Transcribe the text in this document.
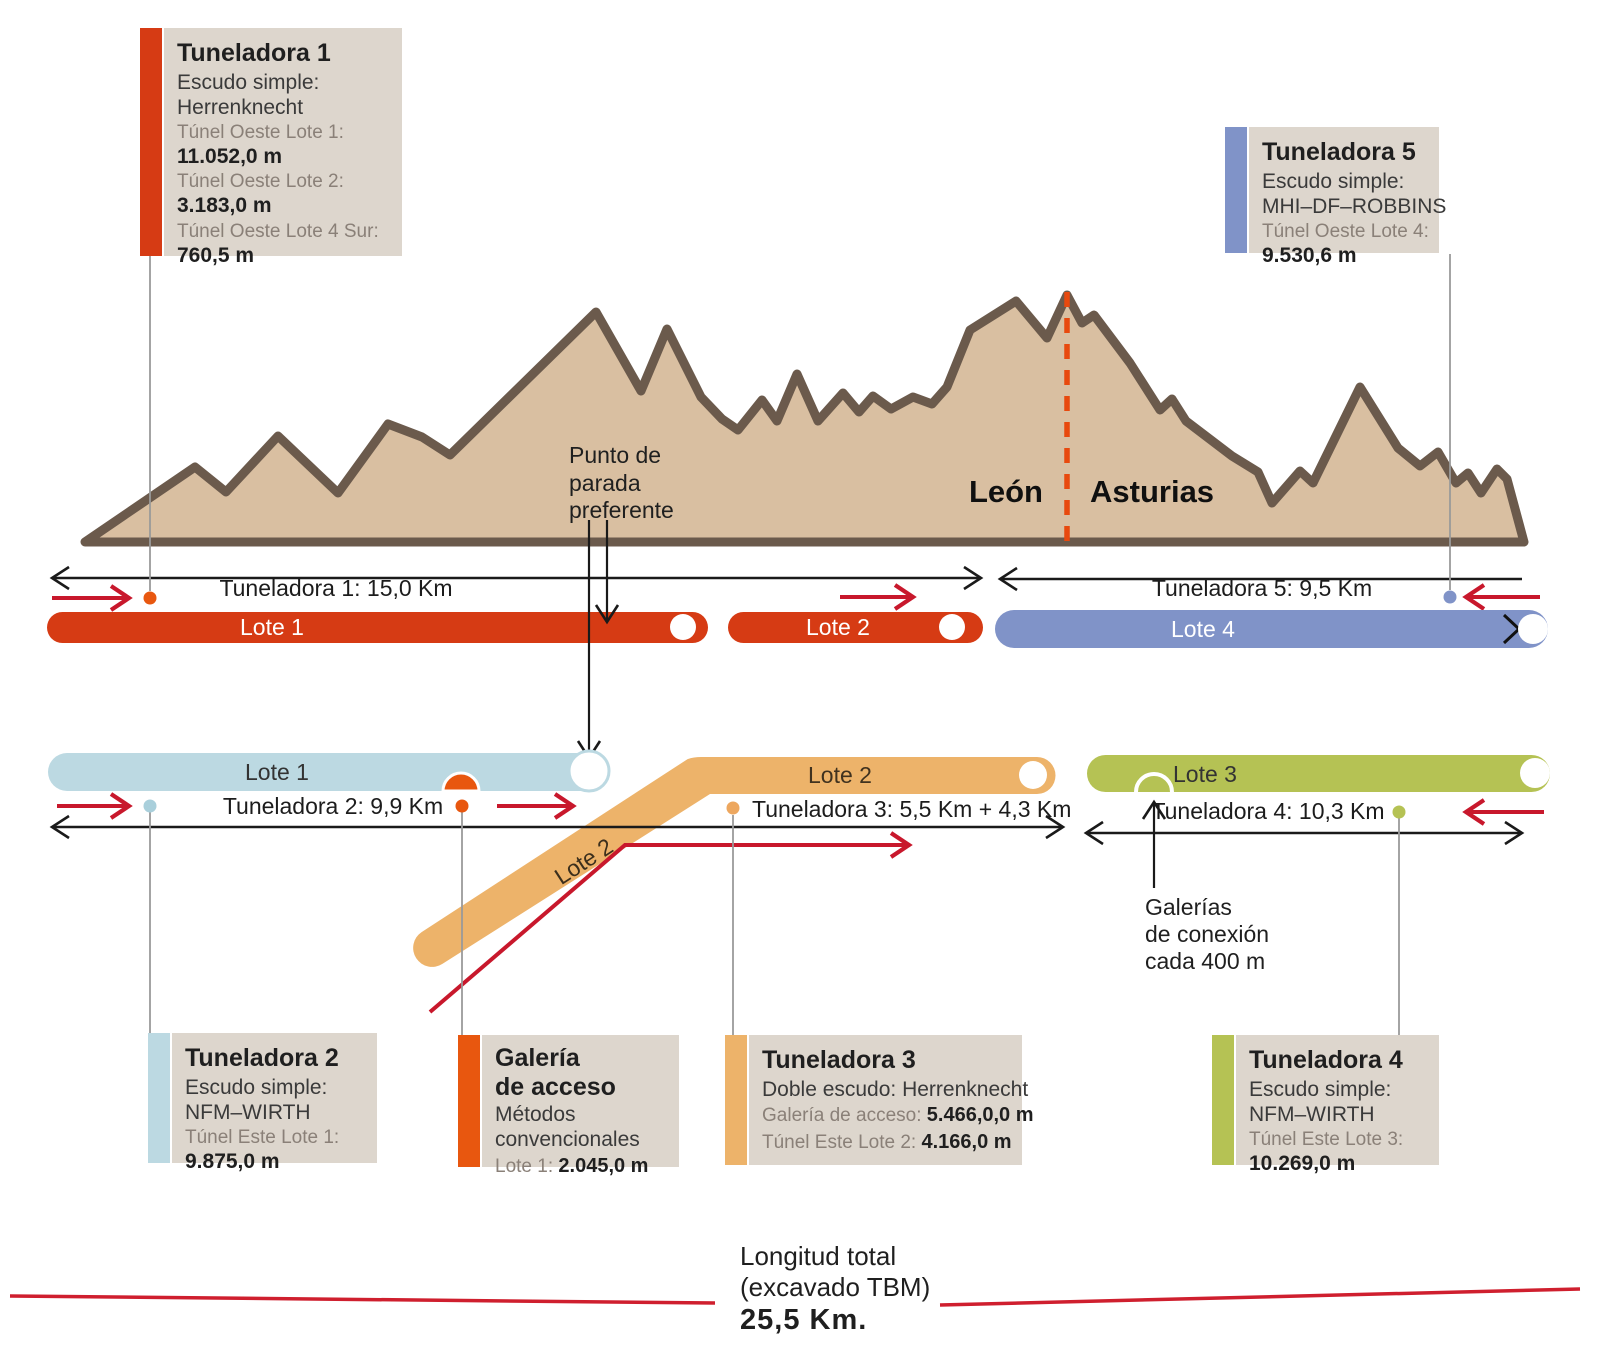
Tuneladora 1: 15,0 Km	Tuneladora 5: 9,5 Km
Lote 1	Lote 2	Lote 4
Lote 1	Lote 2
Lote 2
Lote 3
Tuneladora 2: 9,9 Km	Tuneladora 3: 5,5 Km + 4,3 Km	Tuneladora 4: 10,3 Km
Punto de
parada
preferente
León Asturias
Galerías
de conexión
cada 400 m
Longitud total
(excavado TBM)
25,5 Km.
Tuneladora 1
Escudo simple:
Herrenknecht
Túnel Oeste Lote 1:
11.052,0 m
Túnel Oeste Lote 2:
3.183,0 m
Túnel Oeste Lote 4 Sur:
760,5 m
Tuneladora 5
Escudo simple:
MHI–DF–ROBBINS
Túnel Oeste Lote 4:
9.530,6 m
Tuneladora 2
Escudo simple:
NFM–WIRTH
Túnel Este Lote 1:
9.875,0 m
Galería
de acceso
Métodos
convencionales
Lote 1: 2.045,0 m
Tuneladora 3
Doble escudo: Herrenknecht
Galería de acceso: 5.466,0,0 m
Túnel Este Lote 2: 4.166,0 m
Tuneladora 4
Escudo simple:
NFM–WIRTH
Túnel Este Lote 3:
10.269,0 m
